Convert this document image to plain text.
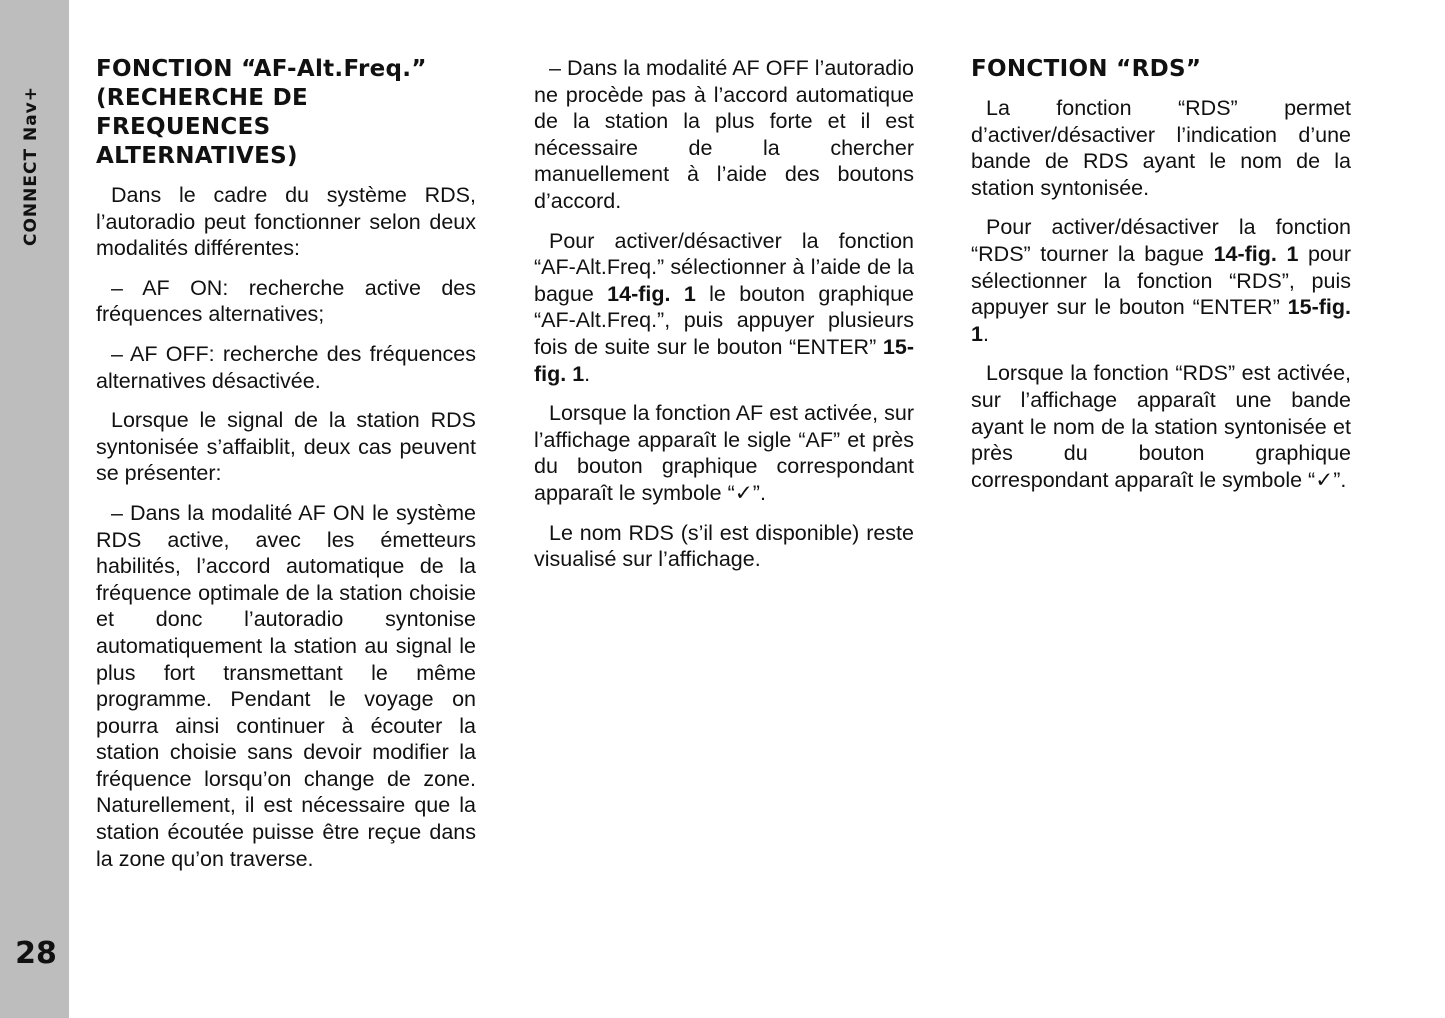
CONNECT Nav+
28
FONCTION “AF-Alt.Freq.” (RECHERCHE DE FREQUENCES ALTERNATIVES)

Dans le cadre du système RDS, l’autoradio peut fonctionner selon deux modalités différentes:

– AF ON: recherche active des fréquences alternatives;

– AF OFF: recherche des fréquences alternatives désactivée.

Lorsque le signal de la station RDS syntonisée s’affaiblit, deux cas peuvent se présenter:

– Dans la modalité AF ON le système RDS active, avec les émetteurs habilités, l’accord automatique de la fréquence optimale de la station choisie et donc l’autoradio syntonise automatiquement la station au signal le plus fort transmettant le même programme. Pendant le voyage on pourra ainsi continuer à écouter la station choisie sans devoir modifier la fréquence lorsqu’on change de zone. Naturellement, il est nécessaire que la station écoutée puisse être reçue dans la zone qu’on traverse.

– Dans la modalité AF OFF l’autoradio ne procède pas à l’accord automatique de la station la plus forte et il est nécessaire de la chercher manuellement à l’aide des boutons d’accord.

Pour activer/désactiver la fonction “AF-Alt.Freq.” sélectionner à l’aide de la bague 14-fig. 1 le bouton graphique “AF-Alt.Freq.”, puis appuyer plusieurs fois de suite sur le bouton “ENTER” 15-fig. 1.

Lorsque la fonction AF est activée, sur l’affichage apparaît le sigle “AF” et près du bouton graphique correspondant apparaît le symbole “✓”.

Le nom RDS (s’il est disponible) reste visualisé sur l’affichage.

FONCTION “RDS”

La fonction “RDS” permet d’activer/désactiver l’indication d’une bande de RDS ayant le nom de la station syntonisée.

Pour activer/désactiver la fonction “RDS” tourner la bague 14-fig. 1 pour sélectionner la fonction “RDS”, puis appuyer sur le bouton “ENTER” 15-fig. 1.

Lorsque la fonction “RDS” est activée, sur l’affichage apparaît une bande ayant le nom de la station syntonisée et près du bouton graphique correspondant apparaît le symbole “✓”.
